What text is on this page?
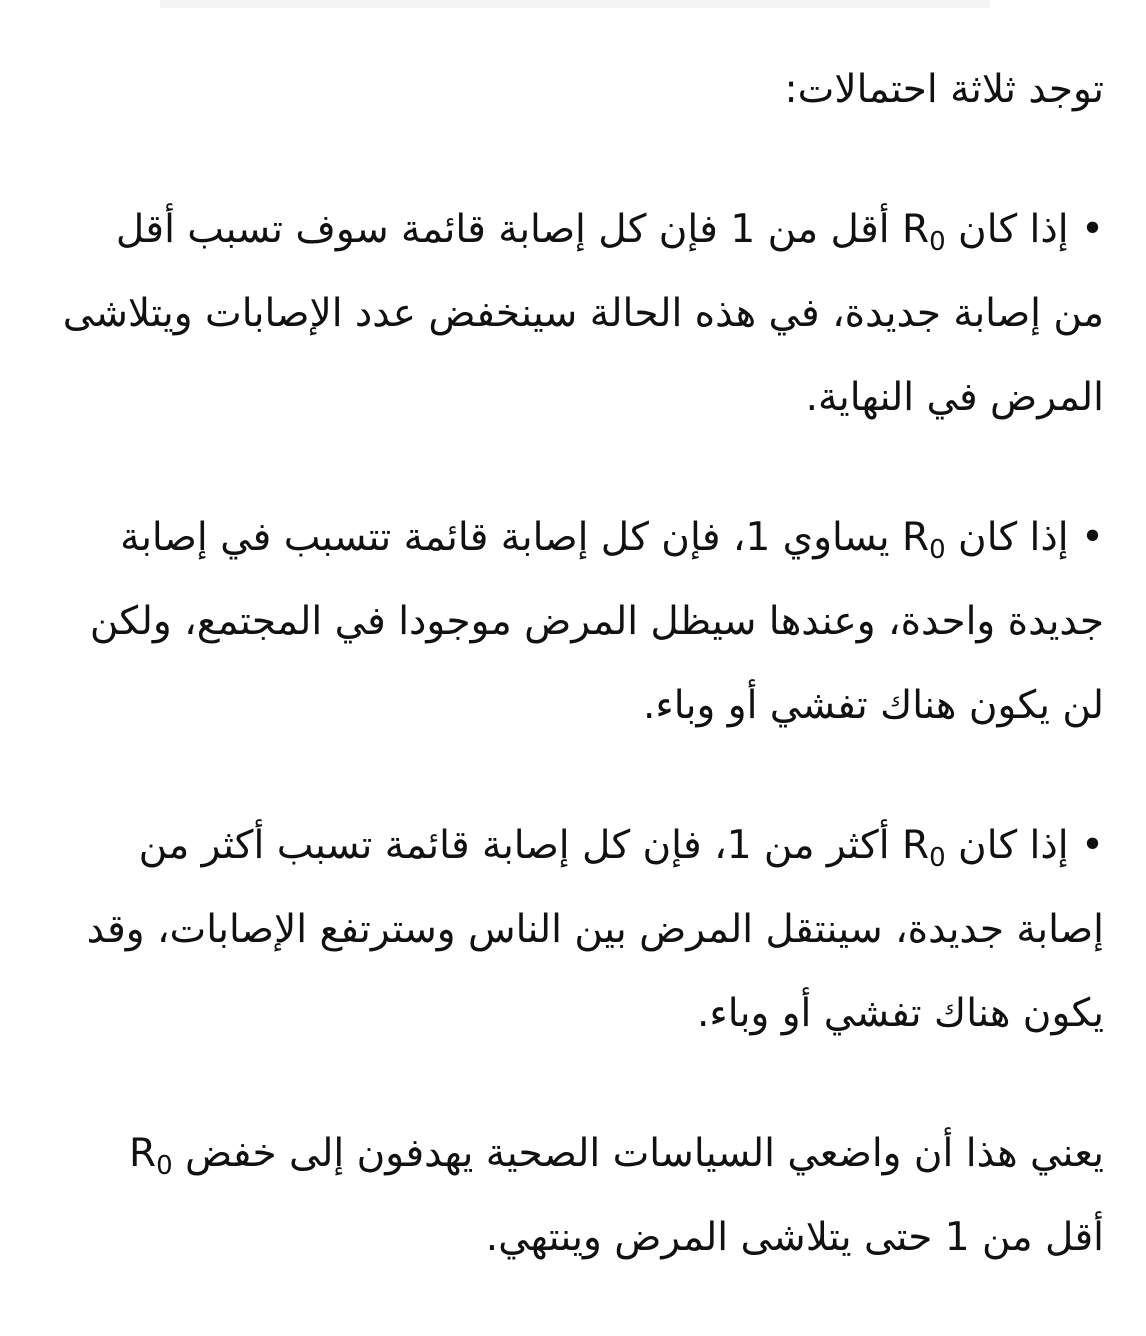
توجد ثلاثة احتمالات:

• إذا كان $R_0$ أقل من 1 فإن كل إصابة قائمة سوف تسبب أقل من إصابة جديدة، في هذه الحالة سينخفض عدد الإصابات ويتلاشى المرض في النهاية.

• إذا كان $R_0$ يساوي 1، فإن كل إصابة قائمة تتسبب في إصابة جديدة واحدة، وعندها سيظل المرض موجودا في المجتمع، ولكن لن يكون هناك تفشي أو وباء.

• إذا كان $R_0$ أكثر من 1، فإن كل إصابة قائمة تسبب أكثر من إصابة جديدة، سينتقل المرض بين الناس وسترتفع الإصابات، وقد يكون هناك تفشي أو وباء.

يعني هذا أن واضعي السياسات الصحية يهدفون إلى خفض $R_0$ أقل من 1 حتى يتلاشى المرض وينتهي.
